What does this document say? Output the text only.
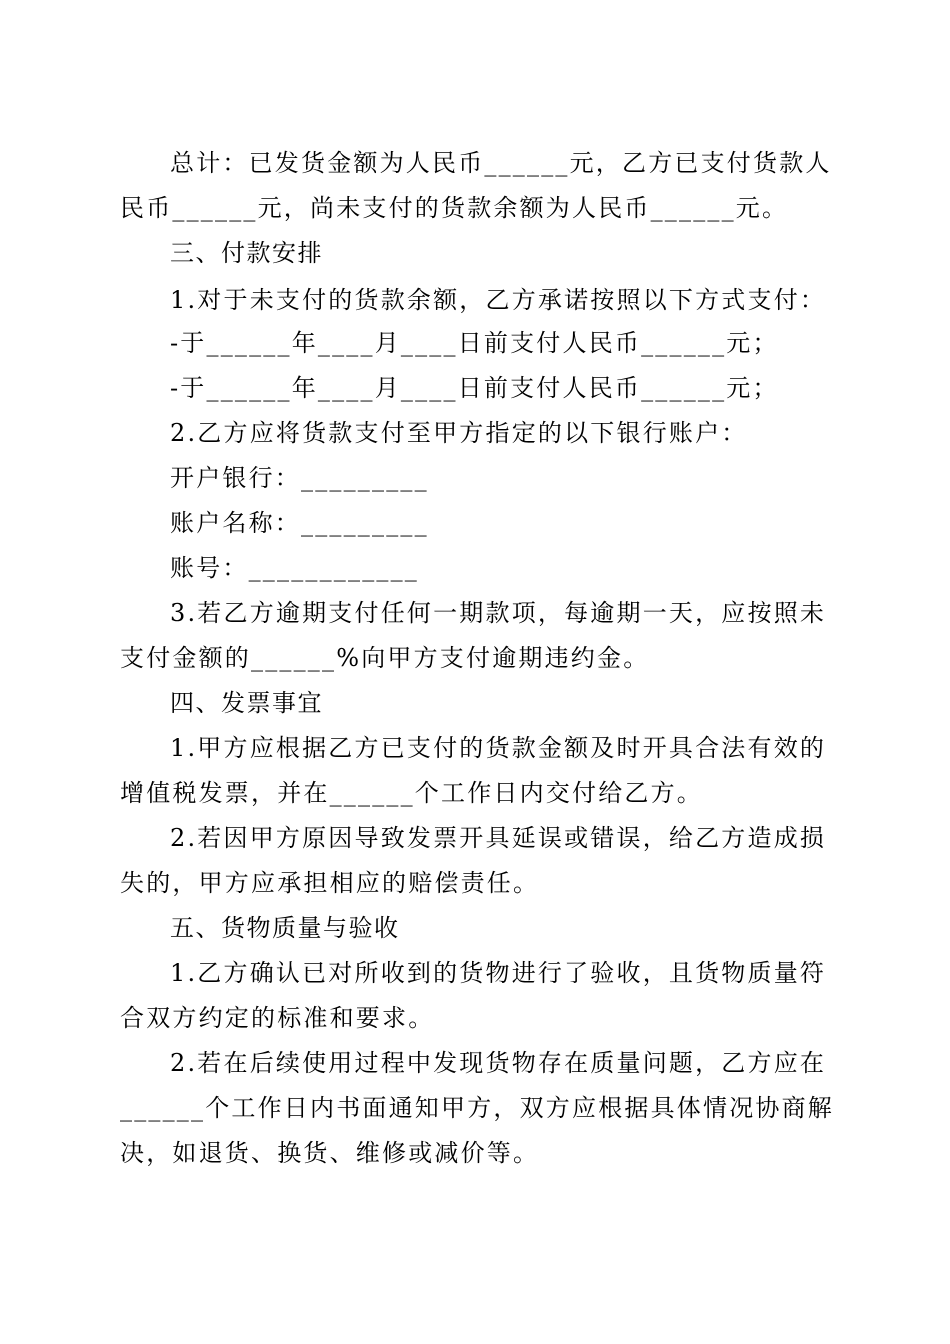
总计：已发货金额为人民币______元，乙方已支付货款人
民币______元，尚未支付的货款余额为人民币______元。
三、付款安排
1.对于未支付的货款余额，乙方承诺按照以下方式支付：
-于______年____月____日前支付人民币______元；
-于______年____月____日前支付人民币______元；
2.乙方应将货款支付至甲方指定的以下银行账户：
开户银行：_________
账户名称：_________
账号：____________
3.若乙方逾期支付任何一期款项，每逾期一天，应按照未
支付金额的______%向甲方支付逾期违约金。
四、发票事宜
1.甲方应根据乙方已支付的货款金额及时开具合法有效的
增值税发票，并在______个工作日内交付给乙方。
2.若因甲方原因导致发票开具延误或错误，给乙方造成损
失的，甲方应承担相应的赔偿责任。
五、货物质量与验收
1.乙方确认已对所收到的货物进行了验收，且货物质量符
合双方约定的标准和要求。
2.若在后续使用过程中发现货物存在质量问题，乙方应在
______个工作日内书面通知甲方，双方应根据具体情况协商解
决，如退货、换货、维修或减价等。
